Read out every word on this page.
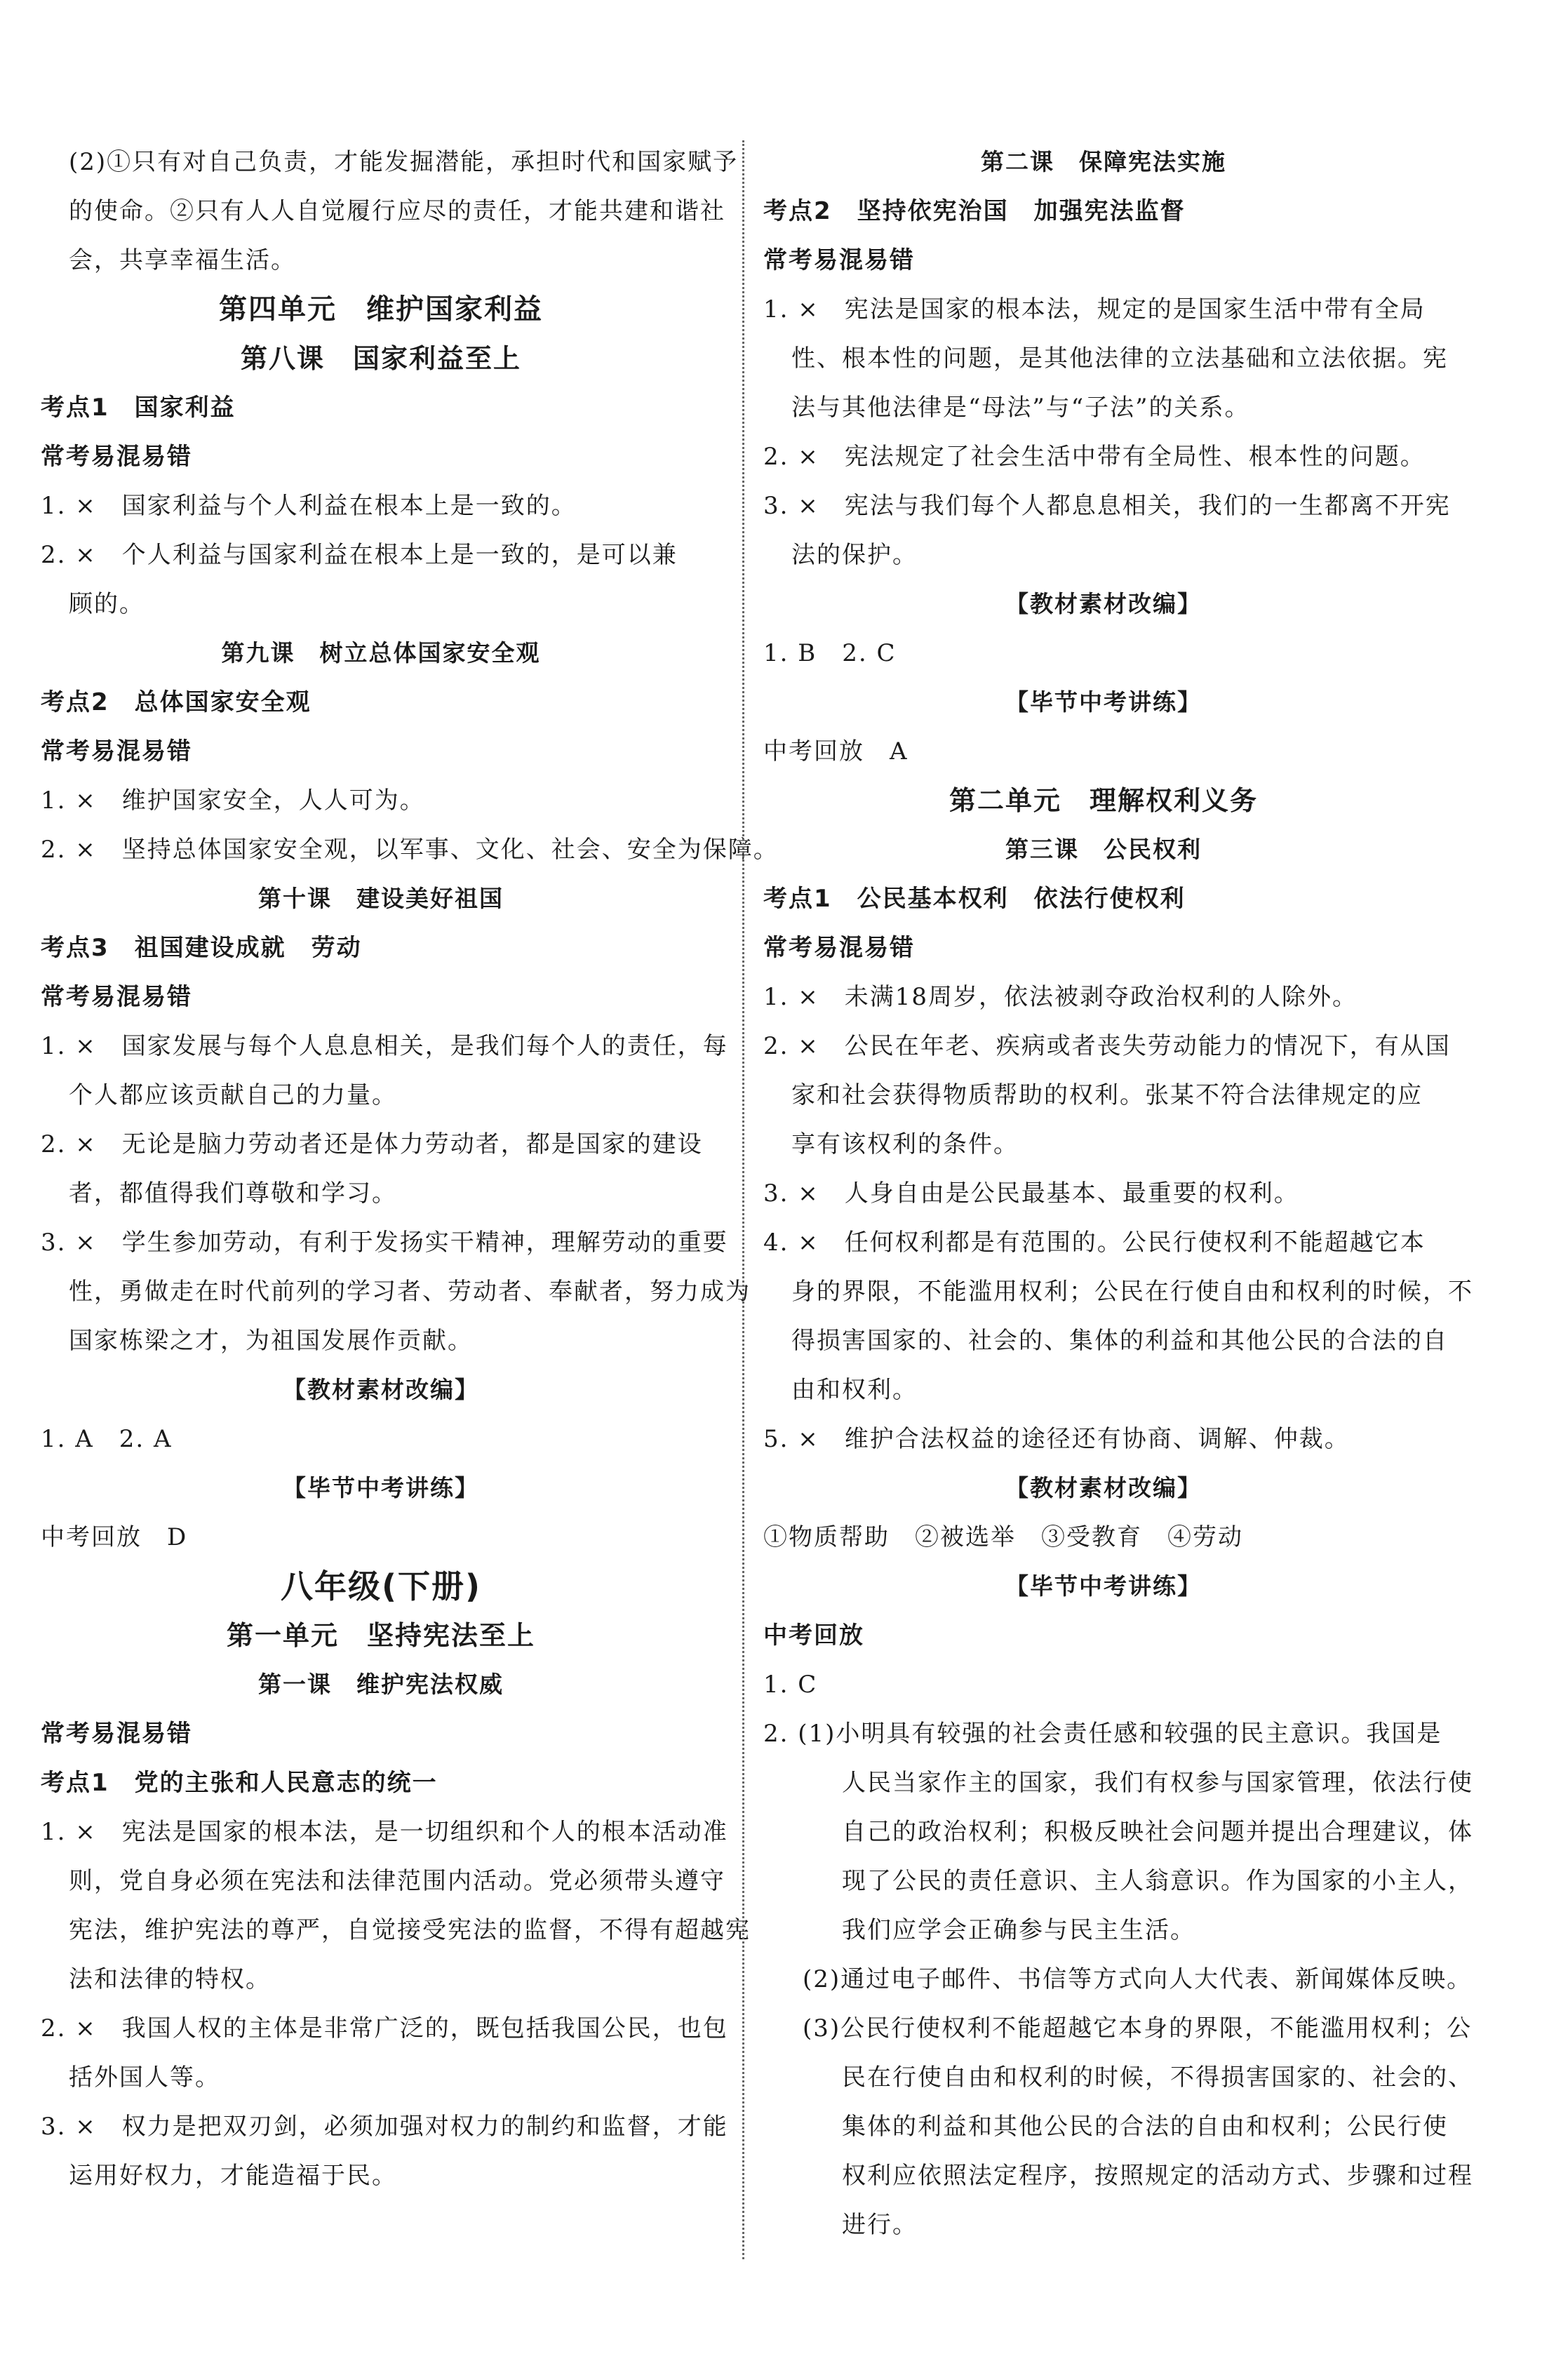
(2)①只有对自己负责，才能发掘潜能，承担时代和国家赋予
的使命。②只有人人自觉履行应尽的责任，才能共建和谐社
会，共享幸福生活。
第四单元　维护国家利益
第八课　国家利益至上
考点1　国家利益
常考易混易错
1. ×　国家利益与个人利益在根本上是一致的。
2. ×　个人利益与国家利益在根本上是一致的，是可以兼
顾的。
第九课　树立总体国家安全观
考点2　总体国家安全观
常考易混易错
1. ×　维护国家安全，人人可为。
2. ×　坚持总体国家安全观，以军事、文化、社会、安全为保障。
第十课　建设美好祖国
考点3　祖国建设成就　劳动
常考易混易错
1. ×　国家发展与每个人息息相关，是我们每个人的责任，每
个人都应该贡献自己的力量。
2. ×　无论是脑力劳动者还是体力劳动者，都是国家的建设
者，都值得我们尊敬和学习。
3. ×　学生参加劳动，有利于发扬实干精神，理解劳动的重要
性，勇做走在时代前列的学习者、劳动者、奉献者，努力成为
国家栋梁之才，为祖国发展作贡献。
【教材素材改编】
1. A　2. A
【毕节中考讲练】
中考回放　D
八年级(下册)
第一单元　坚持宪法至上
第一课　维护宪法权威
常考易混易错
考点1　党的主张和人民意志的统一
1. ×　宪法是国家的根本法，是一切组织和个人的根本活动准
则，党自身必须在宪法和法律范围内活动。党必须带头遵守
宪法，维护宪法的尊严，自觉接受宪法的监督，不得有超越宪
法和法律的特权。
2. ×　我国人权的主体是非常广泛的，既包括我国公民，也包
括外国人等。
3. ×　权力是把双刃剑，必须加强对权力的制约和监督，才能
运用好权力，才能造福于民。
第二课　保障宪法实施
考点2　坚持依宪治国　加强宪法监督
常考易混易错
1. ×　宪法是国家的根本法，规定的是国家生活中带有全局
性、根本性的问题，是其他法律的立法基础和立法依据。宪
法与其他法律是“母法”与“子法”的关系。
2. ×　宪法规定了社会生活中带有全局性、根本性的问题。
3. ×　宪法与我们每个人都息息相关，我们的一生都离不开宪
法的保护。
【教材素材改编】
1. B　2. C
【毕节中考讲练】
中考回放　A
第二单元　理解权利义务
第三课　公民权利
考点1　公民基本权利　依法行使权利
常考易混易错
1. ×　未满18周岁，依法被剥夺政治权利的人除外。
2. ×　公民在年老、疾病或者丧失劳动能力的情况下，有从国
家和社会获得物质帮助的权利。张某不符合法律规定的应
享有该权利的条件。
3. ×　人身自由是公民最基本、最重要的权利。
4. ×　任何权利都是有范围的。公民行使权利不能超越它本
身的界限，不能滥用权利；公民在行使自由和权利的时候，不
得损害国家的、社会的、集体的利益和其他公民的合法的自
由和权利。
5. ×　维护合法权益的途径还有协商、调解、仲裁。
【教材素材改编】
①物质帮助　②被选举　③受教育　④劳动
【毕节中考讲练】
中考回放
1. C
2. (1)小明具有较强的社会责任感和较强的民主意识。我国是
人民当家作主的国家，我们有权参与国家管理，依法行使
自己的政治权利；积极反映社会问题并提出合理建议，体
现了公民的责任意识、主人翁意识。作为国家的小主人，
我们应学会正确参与民主生活。
(2)通过电子邮件、书信等方式向人大代表、新闻媒体反映。
(3)公民行使权利不能超越它本身的界限，不能滥用权利；公
民在行使自由和权利的时候，不得损害国家的、社会的、
集体的利益和其他公民的合法的自由和权利；公民行使
权利应依照法定程序，按照规定的活动方式、步骤和过程
进行。
